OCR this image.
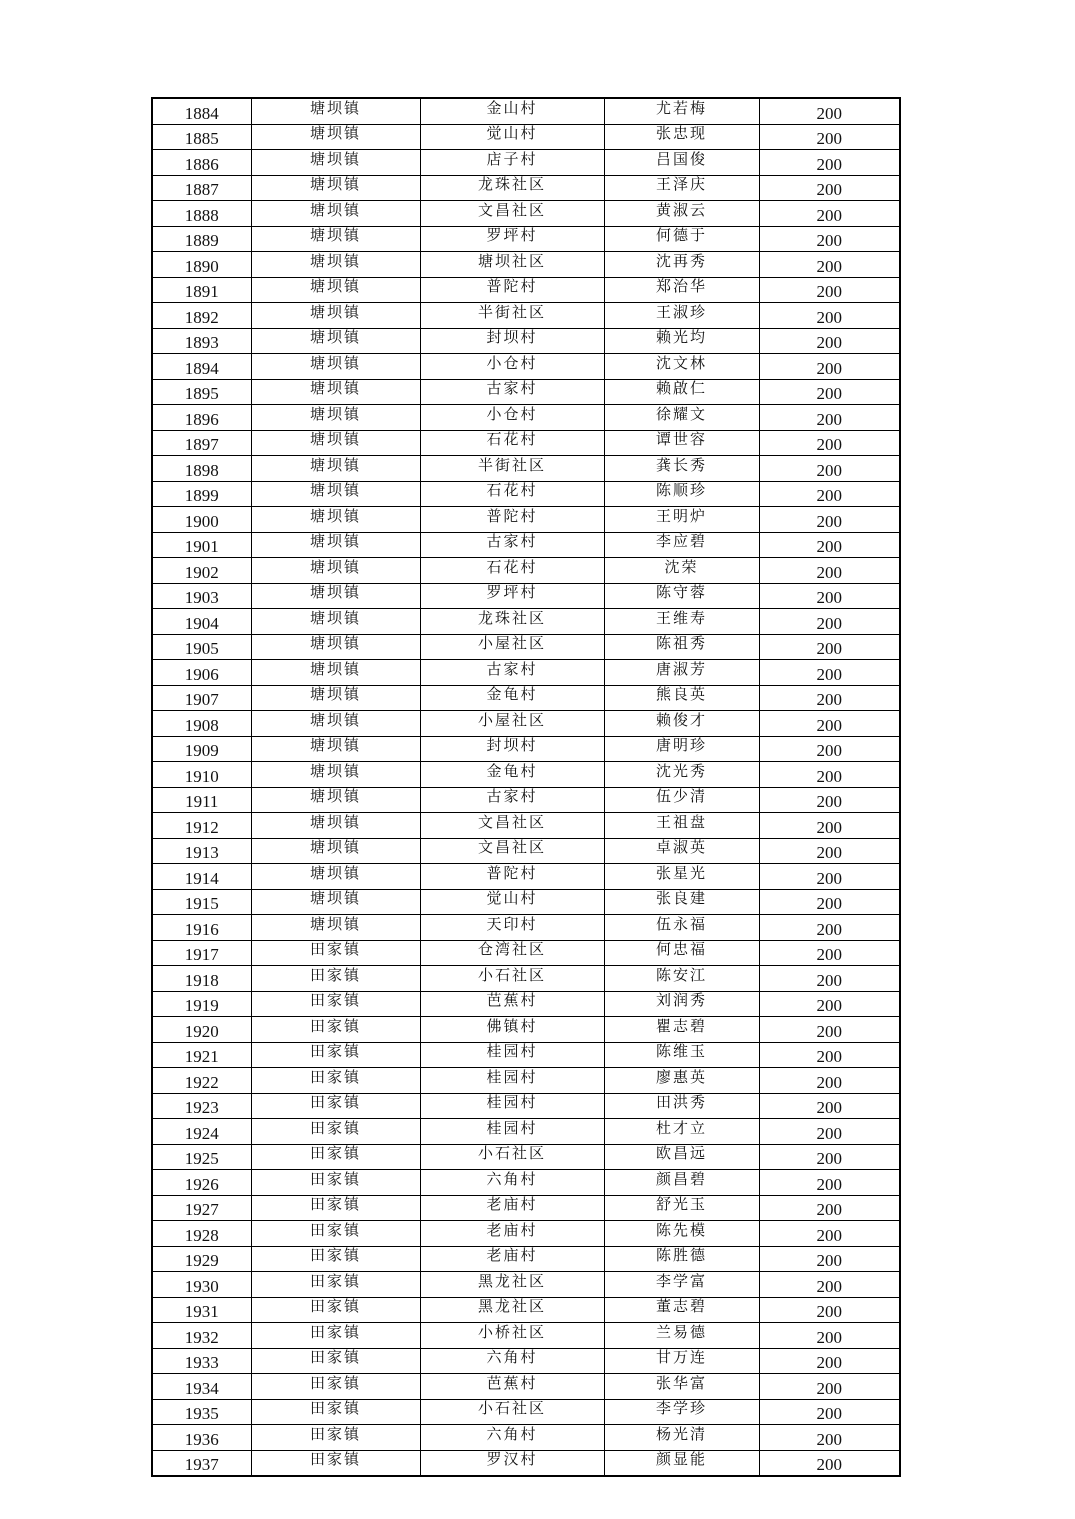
1884	塘坝镇	金山村	尤若梅	200
1885	塘坝镇	觉山村	张忠现	200
1886	塘坝镇	店子村	吕国俊	200
1887	塘坝镇	龙珠社区	王泽庆	200
1888	塘坝镇	文昌社区	黄淑云	200
1889	塘坝镇	罗坪村	何德于	200
1890	塘坝镇	塘坝社区	沈再秀	200
1891	塘坝镇	普陀村	郑治华	200
1892	塘坝镇	半街社区	王淑珍	200
1893	塘坝镇	封坝村	赖光均	200
1894	塘坝镇	小仓村	沈文林	200
1895	塘坝镇	古家村	赖啟仁	200
1896	塘坝镇	小仓村	徐耀文	200
1897	塘坝镇	石花村	谭世容	200
1898	塘坝镇	半街社区	龚长秀	200
1899	塘坝镇	石花村	陈顺珍	200
1900	塘坝镇	普陀村	王明炉	200
1901	塘坝镇	古家村	李应碧	200
1902	塘坝镇	石花村	沈荣	200
1903	塘坝镇	罗坪村	陈守蓉	200
1904	塘坝镇	龙珠社区	王维寿	200
1905	塘坝镇	小屋社区	陈祖秀	200
1906	塘坝镇	古家村	唐淑芳	200
1907	塘坝镇	金龟村	熊良英	200
1908	塘坝镇	小屋社区	赖俊才	200
1909	塘坝镇	封坝村	唐明珍	200
1910	塘坝镇	金龟村	沈光秀	200
1911	塘坝镇	古家村	伍少清	200
1912	塘坝镇	文昌社区	王祖盘	200
1913	塘坝镇	文昌社区	卓淑英	200
1914	塘坝镇	普陀村	张星光	200
1915	塘坝镇	觉山村	张良建	200
1916	塘坝镇	天印村	伍永福	200
1917	田家镇	仓湾社区	何忠福	200
1918	田家镇	小石社区	陈安江	200
1919	田家镇	芭蕉村	刘润秀	200
1920	田家镇	佛镇村	瞿志碧	200
1921	田家镇	桂园村	陈维玉	200
1922	田家镇	桂园村	廖惠英	200
1923	田家镇	桂园村	田洪秀	200
1924	田家镇	桂园村	杜才立	200
1925	田家镇	小石社区	欧昌远	200
1926	田家镇	六角村	颜昌碧	200
1927	田家镇	老庙村	舒光玉	200
1928	田家镇	老庙村	陈先模	200
1929	田家镇	老庙村	陈胜德	200
1930	田家镇	黑龙社区	李学富	200
1931	田家镇	黑龙社区	董志碧	200
1932	田家镇	小桥社区	兰易德	200
1933	田家镇	六角村	甘万连	200
1934	田家镇	芭蕉村	张华富	200
1935	田家镇	小石社区	李学珍	200
1936	田家镇	六角村	杨光清	200
1937	田家镇	罗汉村	颜显能	200
